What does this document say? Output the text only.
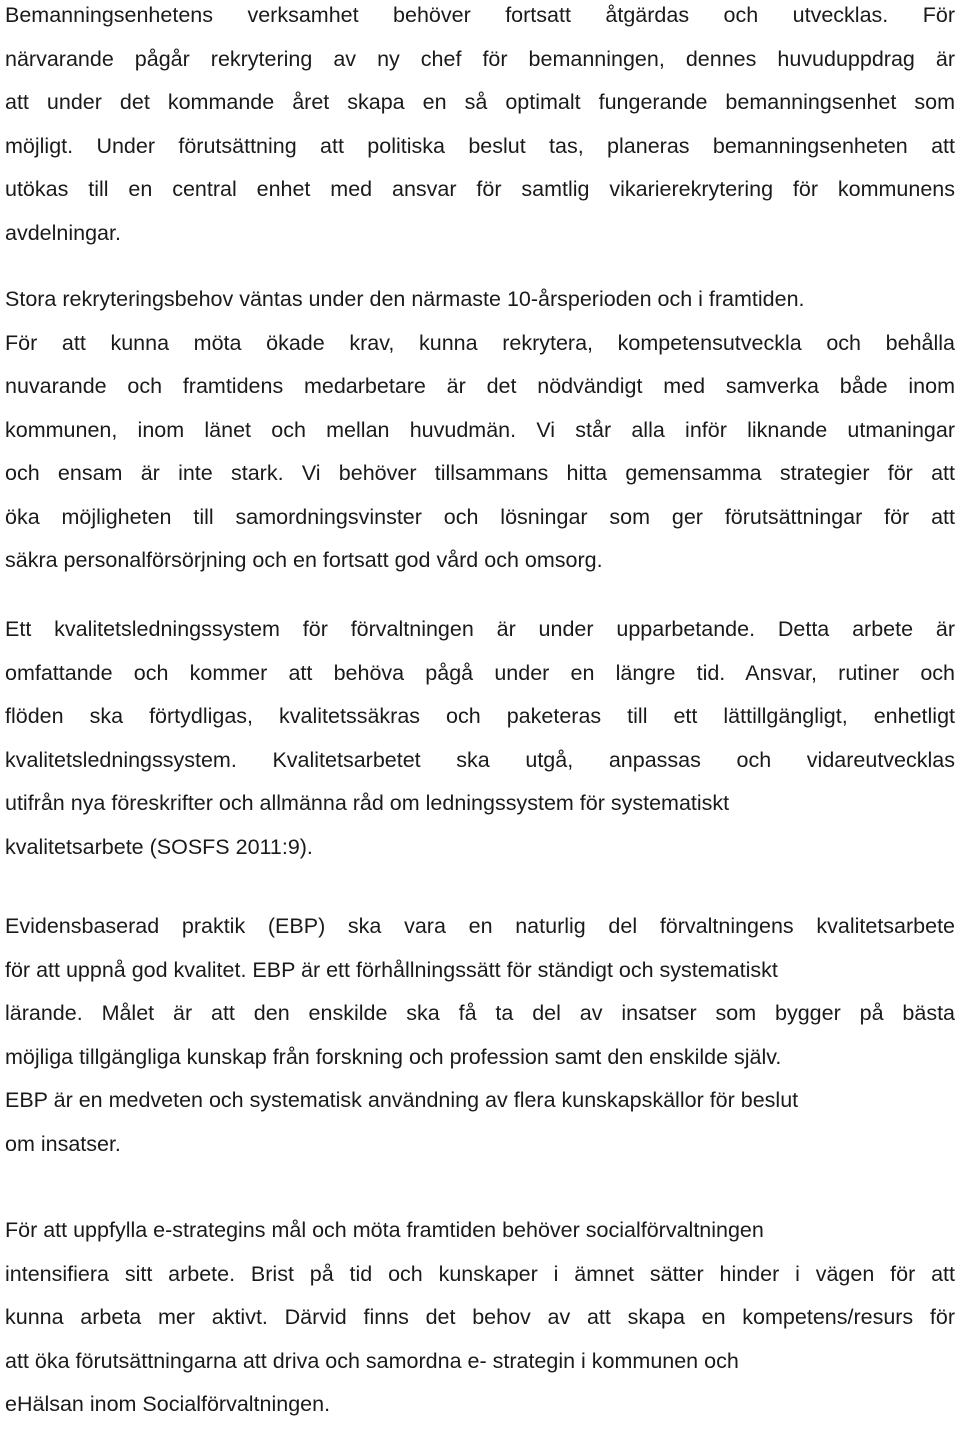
Bemanningsenhetens verksamhet behöver fortsatt åtgärdas och utvecklas. För
närvarande pågår rekrytering av ny chef för bemanningen, dennes huvuduppdrag är
att under det kommande året skapa en så optimalt fungerande bemanningsenhet som
möjligt. Under förutsättning att politiska beslut tas, planeras bemanningsenheten att
utökas till en central enhet med ansvar för samtlig vikarierekrytering för kommunens
avdelningar.
Stora rekryteringsbehov väntas under den närmaste 10-årsperioden och i framtiden.
För att kunna möta ökade krav, kunna rekrytera, kompetensutveckla och behålla
nuvarande och framtidens medarbetare är det nödvändigt med samverka både inom
kommunen, inom länet och mellan huvudmän. Vi står alla inför liknande utmaningar
och ensam är inte stark. Vi behöver tillsammans hitta gemensamma strategier för att
öka möjligheten till samordningsvinster och lösningar som ger förutsättningar för att
säkra personalförsörjning och en fortsatt god vård och omsorg.
Ett kvalitetsledningssystem för förvaltningen är under upparbetande. Detta arbete är
omfattande och kommer att behöva pågå under en längre tid. Ansvar, rutiner och
flöden ska förtydligas, kvalitetssäkras och paketeras till ett lättillgängligt, enhetligt
kvalitetsledningssystem. Kvalitetsarbetet ska utgå, anpassas och vidareutvecklas
utifrån nya föreskrifter och allmänna råd om ledningssystem för systematiskt
kvalitetsarbete (SOSFS 2011:9).
Evidensbaserad praktik (EBP) ska vara en naturlig del förvaltningens kvalitetsarbete
för att uppnå god kvalitet. EBP är ett förhållningssätt för ständigt och systematiskt
lärande. Målet är att den enskilde ska få ta del av insatser som bygger på bästa
möjliga tillgängliga kunskap från forskning och profession samt den enskilde själv.
EBP är en medveten och systematisk användning av flera kunskapskällor för beslut
om insatser.
För att uppfylla e-strategins mål och möta framtiden behöver socialförvaltningen
intensifiera sitt arbete. Brist på tid och kunskaper i ämnet sätter hinder i vägen för att
kunna arbeta mer aktivt. Därvid finns det behov av att skapa en kompetens/resurs för
att öka förutsättningarna att driva och samordna e- strategin i kommunen och
eHälsan inom Socialförvaltningen.
